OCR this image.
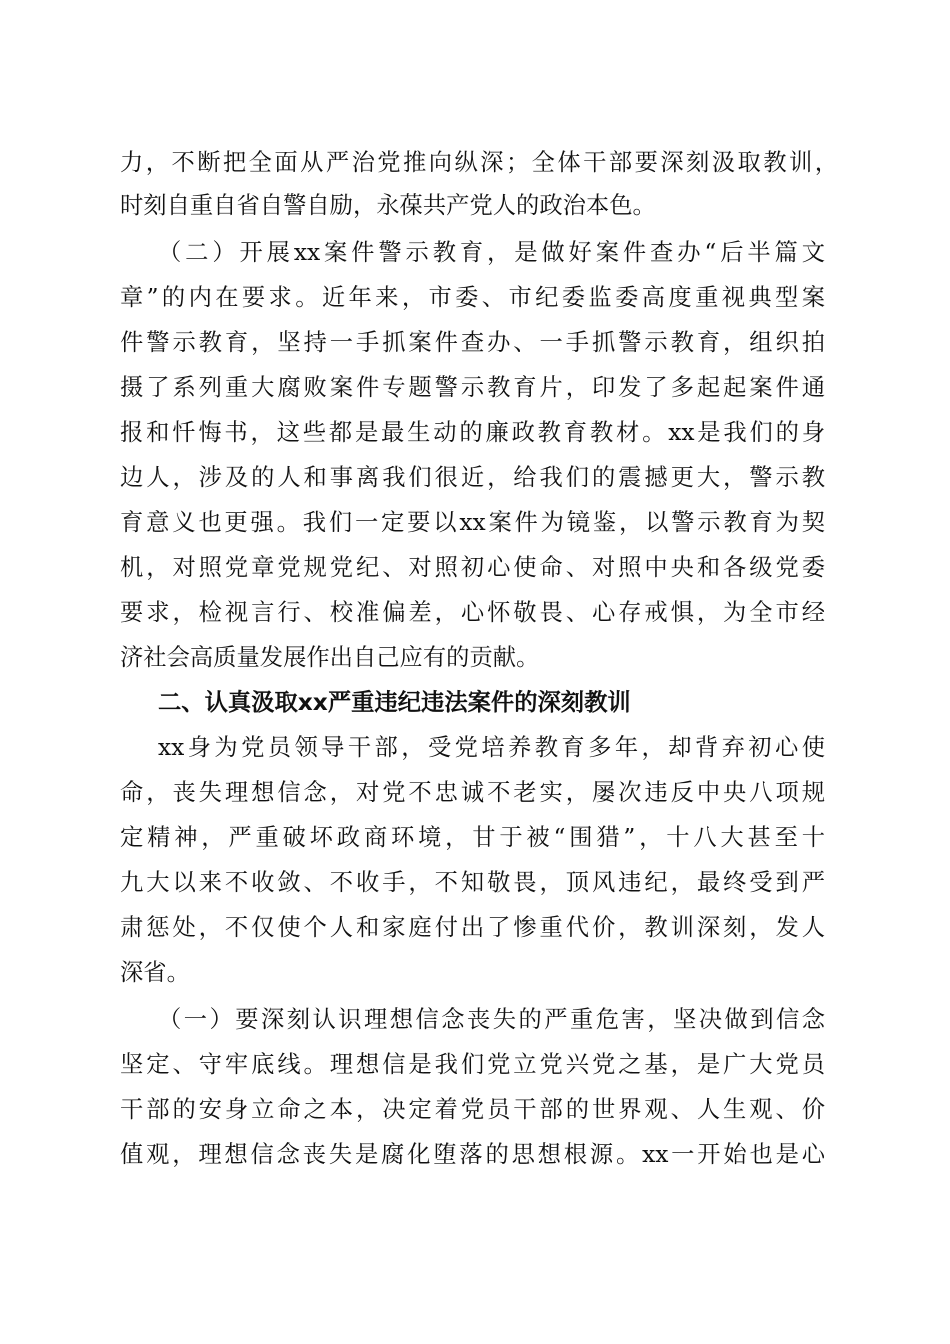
力，不断把全面从严治党推向纵深；全体干部要深刻汲取教训，

时刻自重自省自警自励，永葆共产党人的政治本色。

（二）开展xx案件警示教育，是做好案件查办“后半篇文

章”的内在要求。近年来，市委、市纪委监委高度重视典型案

件警示教育，坚持一手抓案件查办、一手抓警示教育，组织拍

摄了系列重大腐败案件专题警示教育片，印发了多起起案件通

报和忏悔书，这些都是最生动的廉政教育教材。xx是我们的身

边人，涉及的人和事离我们很近，给我们的震撼更大，警示教

育意义也更强。我们一定要以xx案件为镜鉴，以警示教育为契

机，对照党章党规党纪、对照初心使命、对照中央和各级党委

要求，检视言行、校准偏差，心怀敬畏、心存戒惧，为全市经

济社会高质量发展作出自己应有的贡献。

二、认真汲取xx严重违纪违法案件的深刻教训

xx身为党员领导干部，受党培养教育多年，却背弃初心使

命，丧失理想信念，对党不忠诚不老实，屡次违反中央八项规

定精神，严重破坏政商环境，甘于被“围猎”，十八大甚至十

九大以来不收敛、不收手，不知敬畏，顶风违纪，最终受到严

肃惩处，不仅使个人和家庭付出了惨重代价，教训深刻，发人

深省。

（一）要深刻认识理想信念丧失的严重危害，坚决做到信念

坚定、守牢底线。理想信是我们党立党兴党之基，是广大党员

干部的安身立命之本，决定着党员干部的世界观、人生观、价

值观，理想信念丧失是腐化堕落的思想根源。xx一开始也是心
